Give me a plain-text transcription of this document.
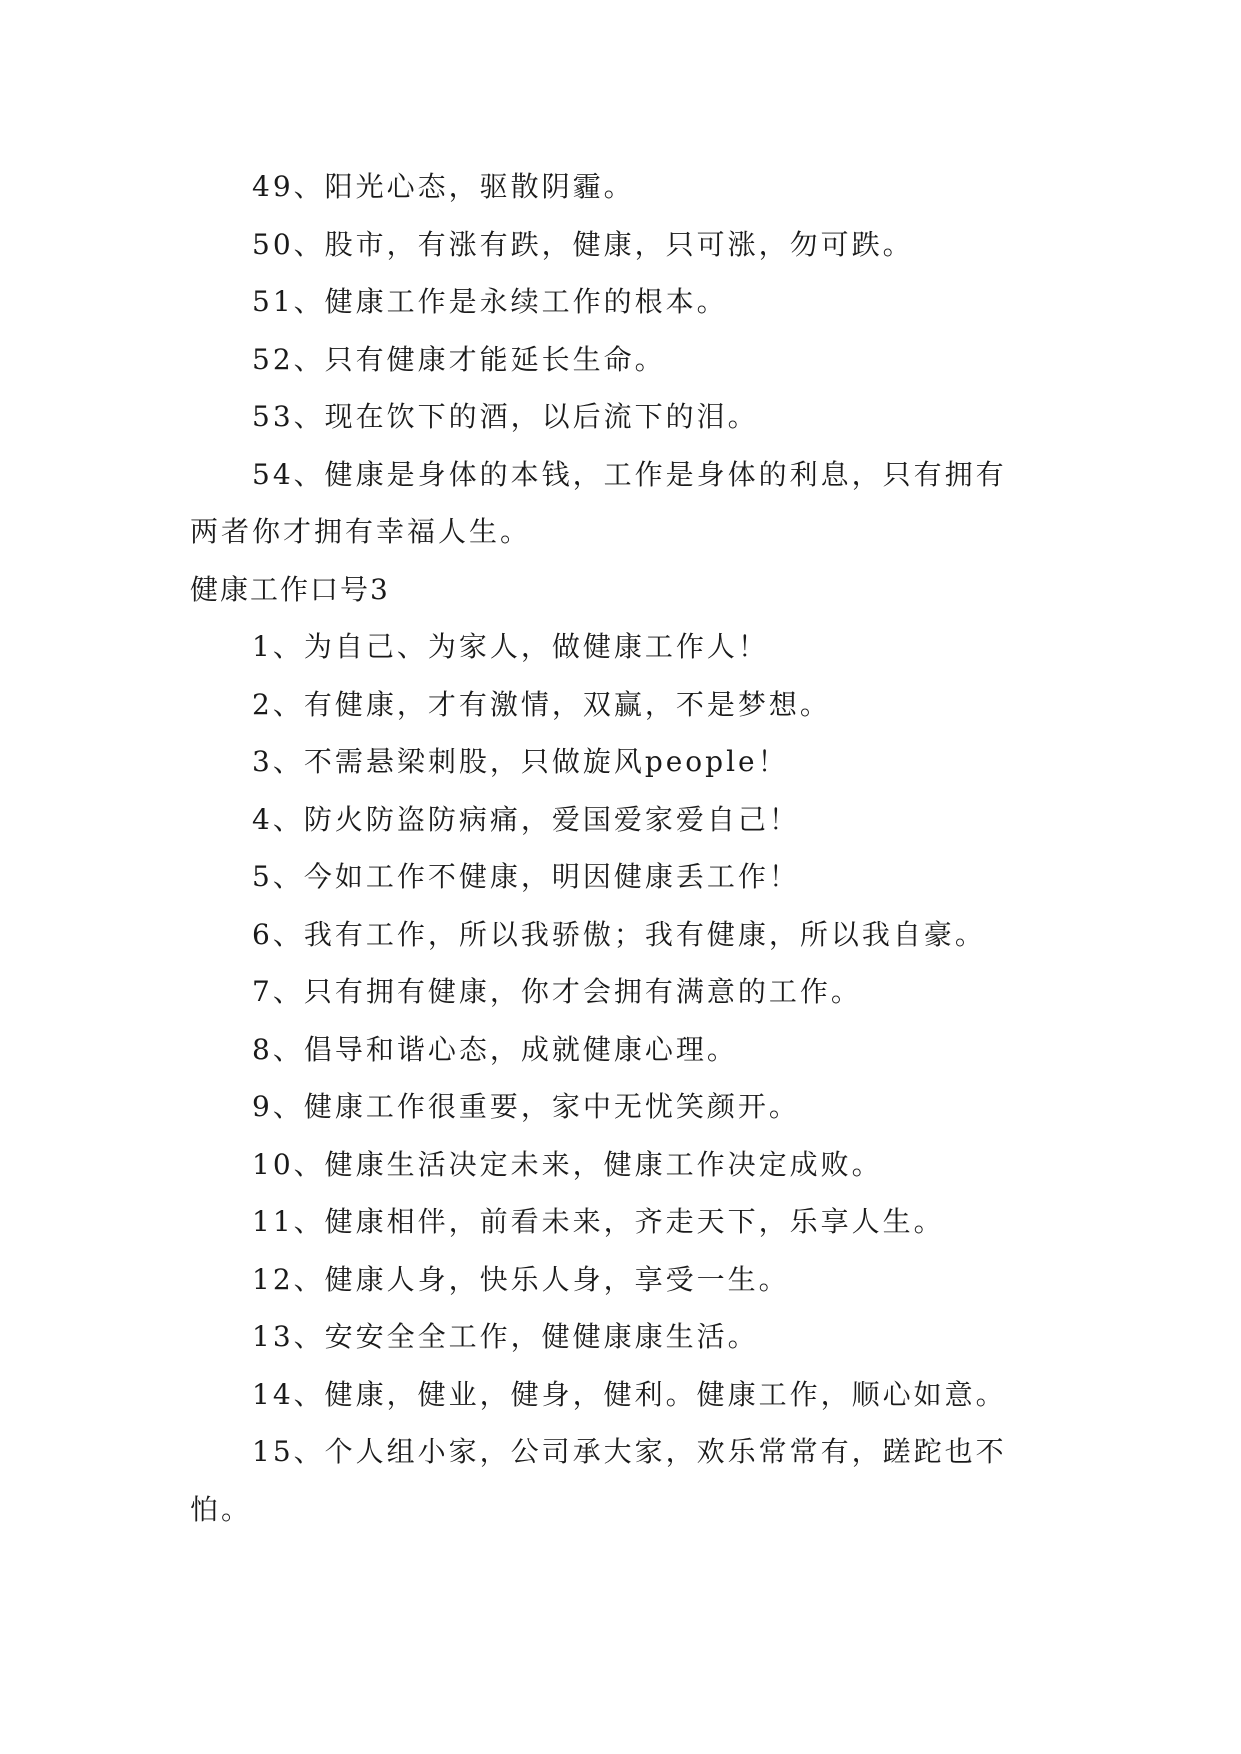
49、阳光心态，驱散阴霾。
50、股市，有涨有跌，健康，只可涨，勿可跌。
51、健康工作是永续工作的根本。
52、只有健康才能延长生命。
53、现在饮下的酒，以后流下的泪。
54、健康是身体的本钱，工作是身体的利息，只有拥有
两者你才拥有幸福人生。
健康工作口号3
1、为自己、为家人，做健康工作人！
2、有健康，才有激情，双赢，不是梦想。
3、不需悬梁刺股，只做旋风people！
4、防火防盗防病痛，爱国爱家爱自己！
5、今如工作不健康，明因健康丢工作！
6、我有工作，所以我骄傲；我有健康，所以我自豪。
7、只有拥有健康，你才会拥有满意的工作。
8、倡导和谐心态，成就健康心理。
9、健康工作很重要，家中无忧笑颜开。
10、健康生活决定未来，健康工作决定成败。
11、健康相伴，前看未来，齐走天下，乐享人生。
12、健康人身，快乐人身，享受一生。
13、安安全全工作，健健康康生活。
14、健康，健业，健身，健利。健康工作，顺心如意。
15、个人组小家，公司承大家，欢乐常常有，蹉跎也不
怕。
